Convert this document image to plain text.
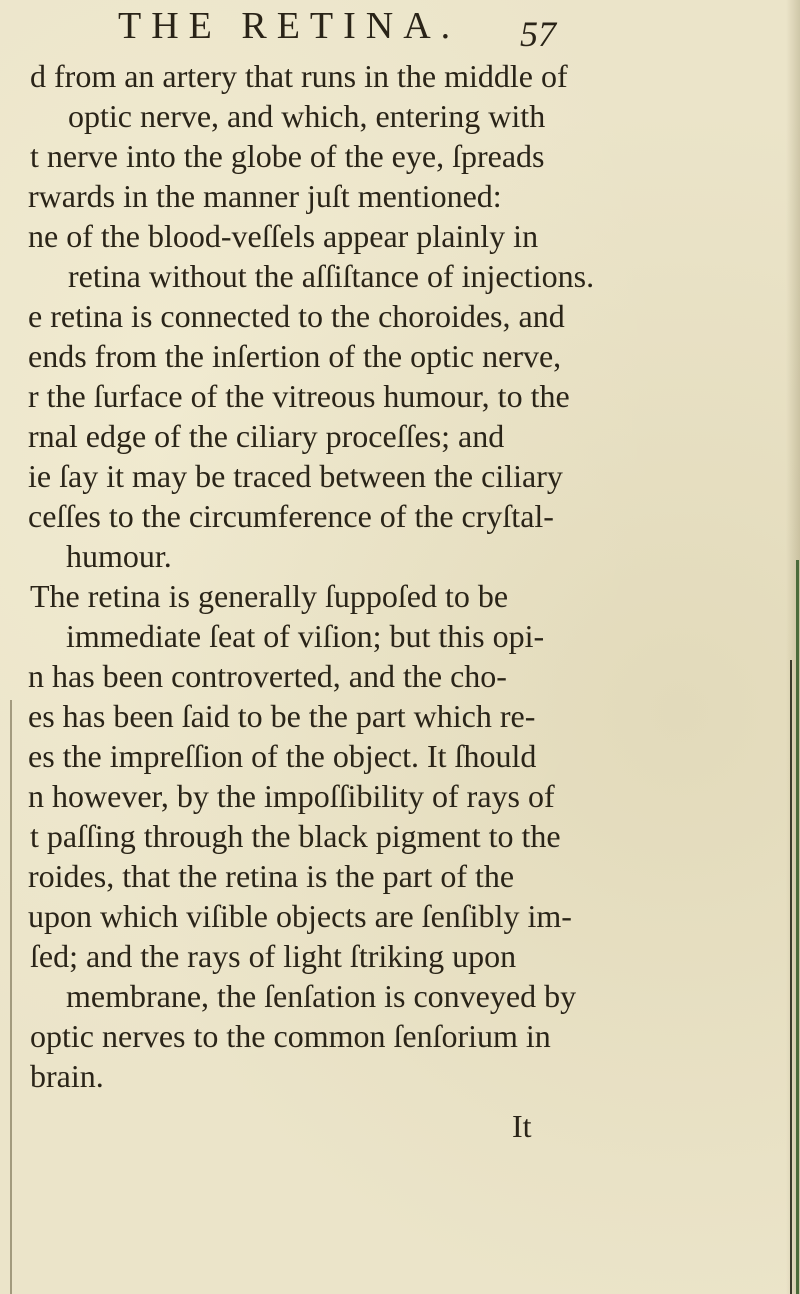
THE RETINA. 57
d from an artery that runs in the middle of
optic nerve, and which, entering with
t nerve into the globe of the eye, ſpreads
rwards in the manner juſt mentioned:
ne of the blood-veſſels appear plainly in
retina without the aſſiſtance of injections.
e retina is connected to the choroides, and
ends from the inſertion of the optic nerve,
r the ſurface of the vitreous humour, to the
rnal edge of the ciliary proceſſes; and
ie ſay it may be traced between the ciliary
ceſſes to the circumference of the cryſtal-
humour.
The retina is generally ſuppoſed to be
immediate ſeat of viſion; but this opi-
n has been controverted, and the cho-
es has been ſaid to be the part which re-
es the impreſſion of the object. It ſhould
n however, by the impoſſibility of rays of
t paſſing through the black pigment to the
roides, that the retina is the part of the
upon which viſible objects are ſenſibly im-
ſed; and the rays of light ſtriking upon
membrane, the ſenſation is conveyed by
optic nerves to the common ſenſorium in
brain.
It
